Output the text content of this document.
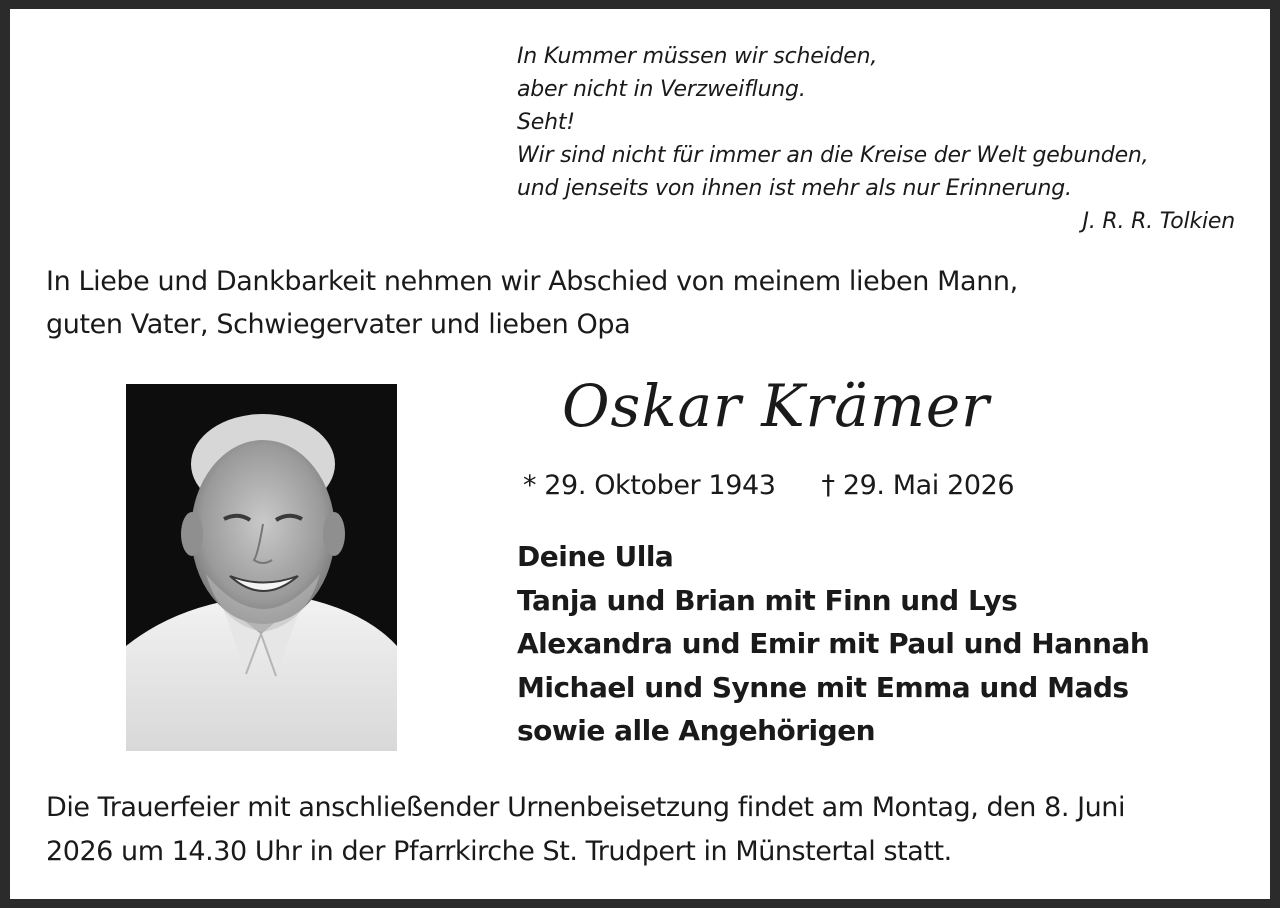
In Kummer müssen wir scheiden,
aber nicht in Verzweiflung.
Seht!
Wir sind nicht für immer an die Kreise der Welt gebunden,
und jenseits von ihnen ist mehr als nur Erinnerung.
J. R. R. Tolkien
In Liebe und Dankbarkeit nehmen wir Abschied von meinem lieben Mann,
guten Vater, Schwiegervater und lieben Opa
Oskar Krämer
* 29. Oktober 1943 † 29. Mai 2026
Deine Ulla
Tanja und Brian mit Finn und Lys
Alexandra und Emir mit Paul und Hannah
Michael und Synne mit Emma und Mads
sowie alle Angehörigen
Die Trauerfeier mit anschließender Urnenbeisetzung findet am Montag, den 8. Juni
2026 um 14.30 Uhr in der Pfarrkirche St. Trudpert in Münstertal statt.
